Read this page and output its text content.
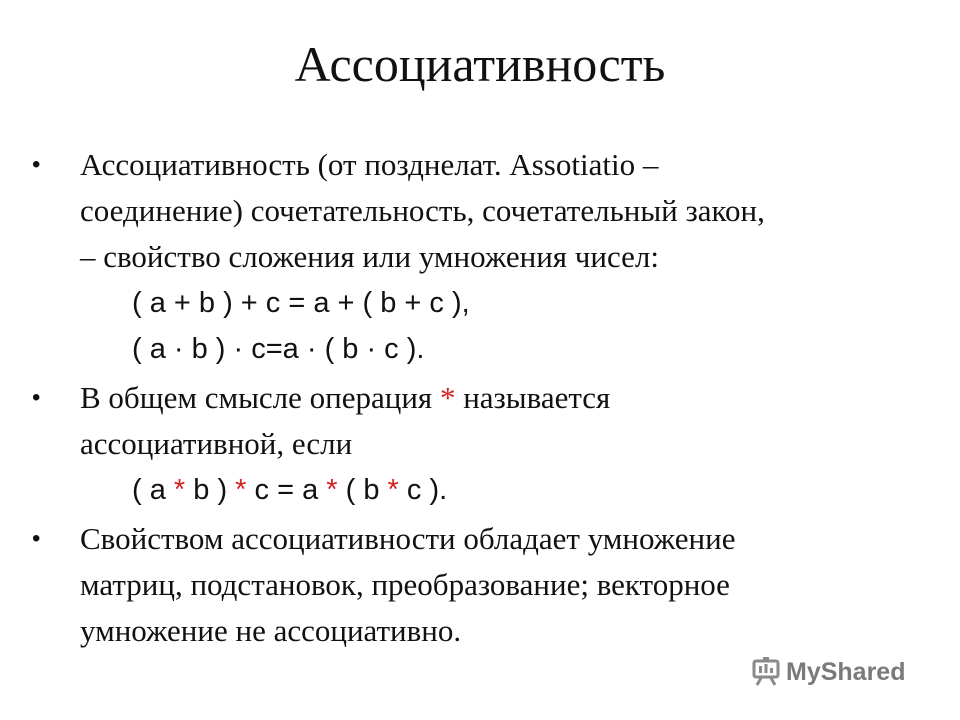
Ассоциативность
•	Ассоциативность (от позднелат. Assotiatio –
соединение) сочетательность, сочетательный закон,
– свойство сложения или умножения чисел:
( a + b ) + c = a + ( b + c ),
( a · b ) · c=a · ( b · c ).
•	В общем смысле операция * называется
ассоциативной, если
( a * b ) * c = a * ( b * c ).
•	Свойством ассоциативности обладает умножение
матриц, подстановок, преобразование; векторное
умножение не ассоциативно.
MyShared
